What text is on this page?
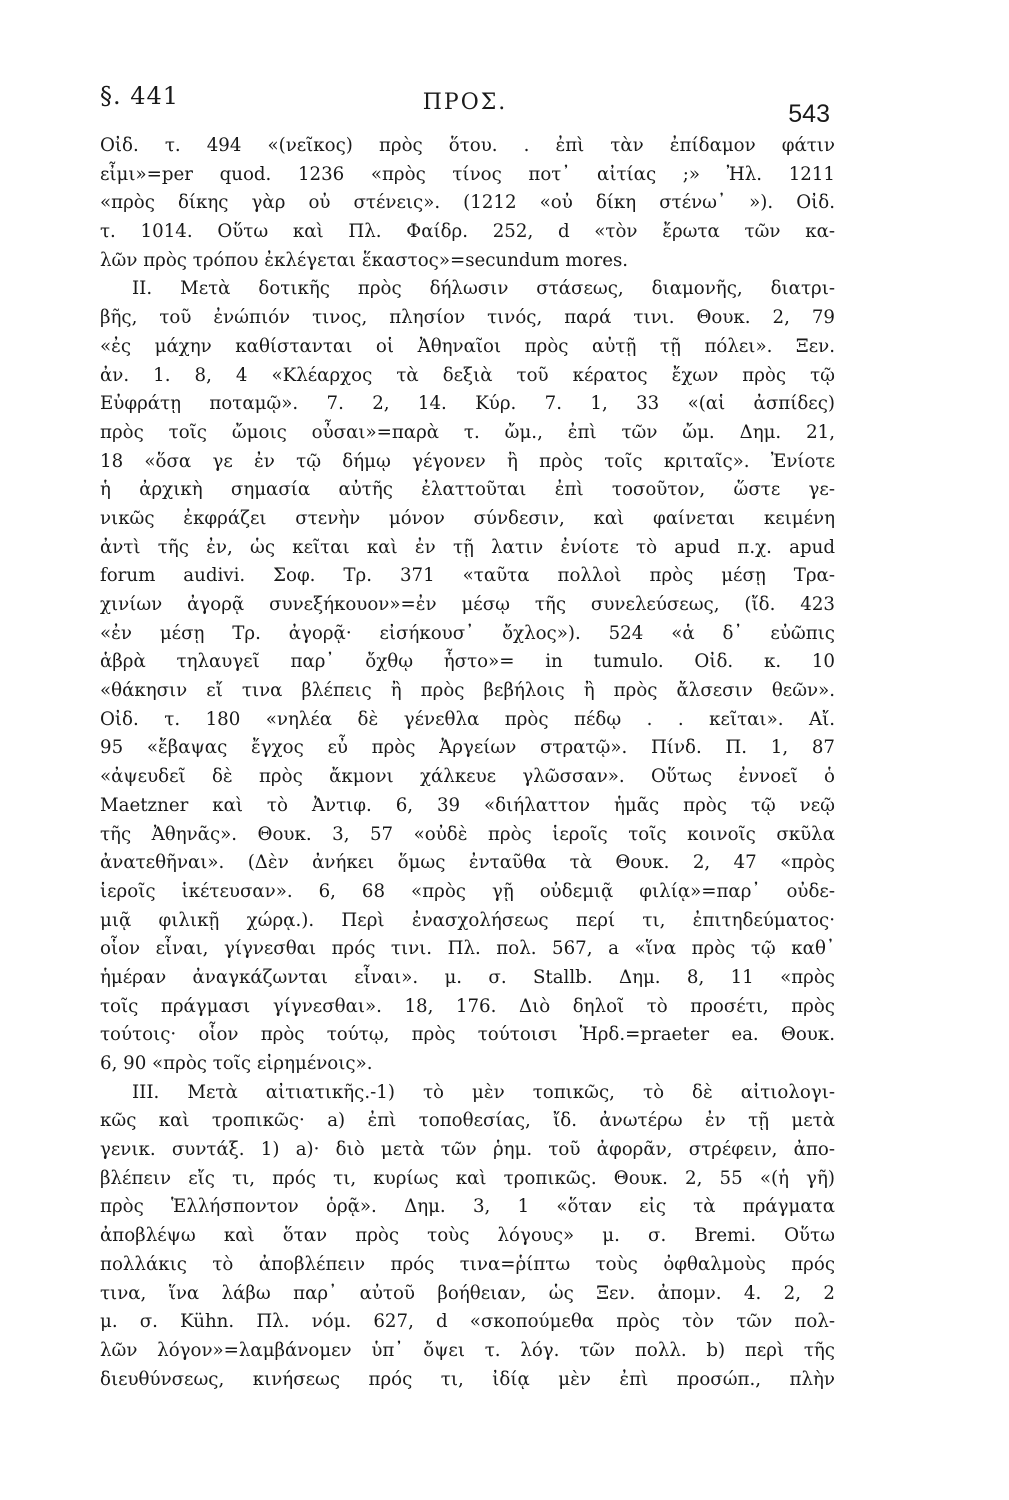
§. 441	ΠΡΟΣ.	543
Οἰδ. τ. 494 «(νεῖκος) πρὸς ὅτου. . ἐπὶ τὰν ἐπίδαμον φάτιν
εἶμι»=per quod. 1236 «πρὸς τίνος ποτ᾽ αἰτίας ;» Ἠλ. 1211
«πρὸς δίκης γὰρ οὐ στένεις». (1212 «οὐ δίκη στένω᾽ »). Οἰδ.
τ. 1014. Οὕτω καὶ Πλ. Φαίδρ. 252, d «τὸν ἔρωτα τῶν κα-
λῶν πρὸς τρόπου ἐκλέγεται ἕκαστος»=secundum mores.
II. Μετὰ δοτικῆς πρὸς δήλωσιν στάσεως, διαμονῆς, διατρι-
βῆς, τοῦ ἐνώπιόν τινος, πλησίον τινός, παρά τινι. Θουκ. 2, 79
«ἐς μάχην καθίστανται οἱ Ἀθηναῖοι πρὸς αὐτῇ τῇ πόλει». Ξεν.
ἀν. 1. 8, 4 «Κλέαρχος τὰ δεξιὰ τοῦ κέρατος ἔχων πρὸς τῷ
Εὐφράτῃ ποταμῷ». 7. 2, 14. Κύρ. 7. 1, 33 «(αἱ ἀσπίδες)
πρὸς τοῖς ὤμοις οὖσαι»=παρὰ τ. ὤμ., ἐπὶ τῶν ὤμ. Δημ. 21,
18 «ὅσα γε ἐν τῷ δήμῳ γέγονεν ἢ πρὸς τοῖς κριταῖς». Ἐνίοτε
ἡ ἀρχικὴ σημασία αὐτῆς ἐλαττοῦται ἐπὶ τοσοῦτον, ὥστε γε-
νικῶς ἐκφράζει στενὴν μόνον σύνδεσιν, καὶ φαίνεται κειμένη
ἀντὶ τῆς ἐν, ὡς κεῖται καὶ ἐν τῇ λατιν ἐνίοτε τὸ apud π.χ. apud
forum audivi. Σοφ. Τρ. 371 «ταῦτα πολλοὶ πρὸς μέσῃ Τρα-
χινίων ἀγορᾷ συνεξήκουον»=ἐν μέσῳ τῆς συνελεύσεως, (ἴδ. 423
«ἐν μέσῃ Τρ. ἀγορᾷ· εἰσήκουσ᾽ ὄχλος»). 524 «ἁ δ᾽ εὐῶπις
ἁβρὰ τηλαυγεῖ παρ᾽ ὄχθῳ ἧστο»= in tumulo. Οἰδ. κ. 10
«θάκησιν εἴ τινα βλέπεις ἢ πρὸς βεβήλοις ἢ πρὸς ἄλσεσιν θεῶν».
Οἰδ. τ. 180 «νηλέα δὲ γένεθλα πρὸς πέδῳ . . κεῖται». Αἴ.
95 «ἔβαψας ἔγχος εὖ πρὸς Ἀργείων στρατῷ». Πίνδ. Π. 1, 87
«ἀψευδεῖ δὲ πρὸς ἄκμονι χάλκευε γλῶσσαν». Οὕτως ἐννοεῖ ὁ
Maetzner καὶ τὸ Ἀντιφ. 6, 39 «διήλαττον ἡμᾶς πρὸς τῷ νεῷ
τῆς Ἀθηνᾶς». Θουκ. 3, 57 «οὐδὲ πρὸς ἱεροῖς τοῖς κοινοῖς σκῦλα
ἀνατεθῆναι». (Δὲν ἀνήκει ὅμως ἐνταῦθα τὰ Θουκ. 2, 47 «πρὸς
ἱεροῖς ἱκέτευσαν». 6, 68 «πρὸς γῇ οὐδεμιᾷ φιλίᾳ»=παρ᾽ οὐδε-
μιᾷ φιλικῇ χώρᾳ.). Περὶ ἐνασχολήσεως περί τι, ἐπιτηδεύματος·
οἷον εἶναι, γίγνεσθαι πρός τινι. Πλ. πολ. 567, a «ἵνα πρὸς τῷ καθ᾽
ἡμέραν ἀναγκάζωνται εἶναι». μ. σ. Stallb. Δημ. 8, 11 «πρὸς
τοῖς πράγμασι γίγνεσθαι». 18, 176. Διὸ δηλοῖ τὸ προσέτι, πρὸς
τούτοις· οἷον πρὸς τούτῳ, πρὸς τούτοισι Ἡρδ.=praeter ea. Θουκ.
6, 90 «πρὸς τοῖς εἰρημένοις».
III. Μετὰ αἰτιατικῆς.-1) τὸ μὲν τοπικῶς, τὸ δὲ αἰτιολογι-
κῶς καὶ τροπικῶς· a) ἐπὶ τοποθεσίας, ἴδ. ἀνωτέρω ἐν τῇ μετὰ
γενικ. συντάξ. 1) a)· διὸ μετὰ τῶν ῥημ. τοῦ ἀφορᾶν, στρέφειν, ἀπο-
βλέπειν εἴς τι, πρός τι, κυρίως καὶ τροπικῶς. Θουκ. 2, 55 «(ἡ γῆ)
πρὸς Ἑλλήσποντον ὁρᾷ». Δημ. 3, 1 «ὅταν εἰς τὰ πράγματα
ἀποβλέψω καὶ ὅταν πρὸς τοὺς λόγους» μ. σ. Bremi. Οὕτω
πολλάκις τὸ ἀποβλέπειν πρός τινα=ῥίπτω τοὺς ὀφθαλμοὺς πρός
τινα, ἵνα λάβω παρ᾽ αὐτοῦ βοήθειαν, ὡς Ξεν. ἀπομν. 4. 2, 2
μ. σ. Kühn. Πλ. νόμ. 627, d «σκοπούμεθα πρὸς τὸν τῶν πολ-
λῶν λόγον»=λαμβάνομεν ὑπ᾽ ὄψει τ. λόγ. τῶν πολλ. b) περὶ τῆς
διευθύνσεως, κινήσεως πρός τι, ἰδίᾳ μὲν ἐπὶ προσώπ., πλὴν
